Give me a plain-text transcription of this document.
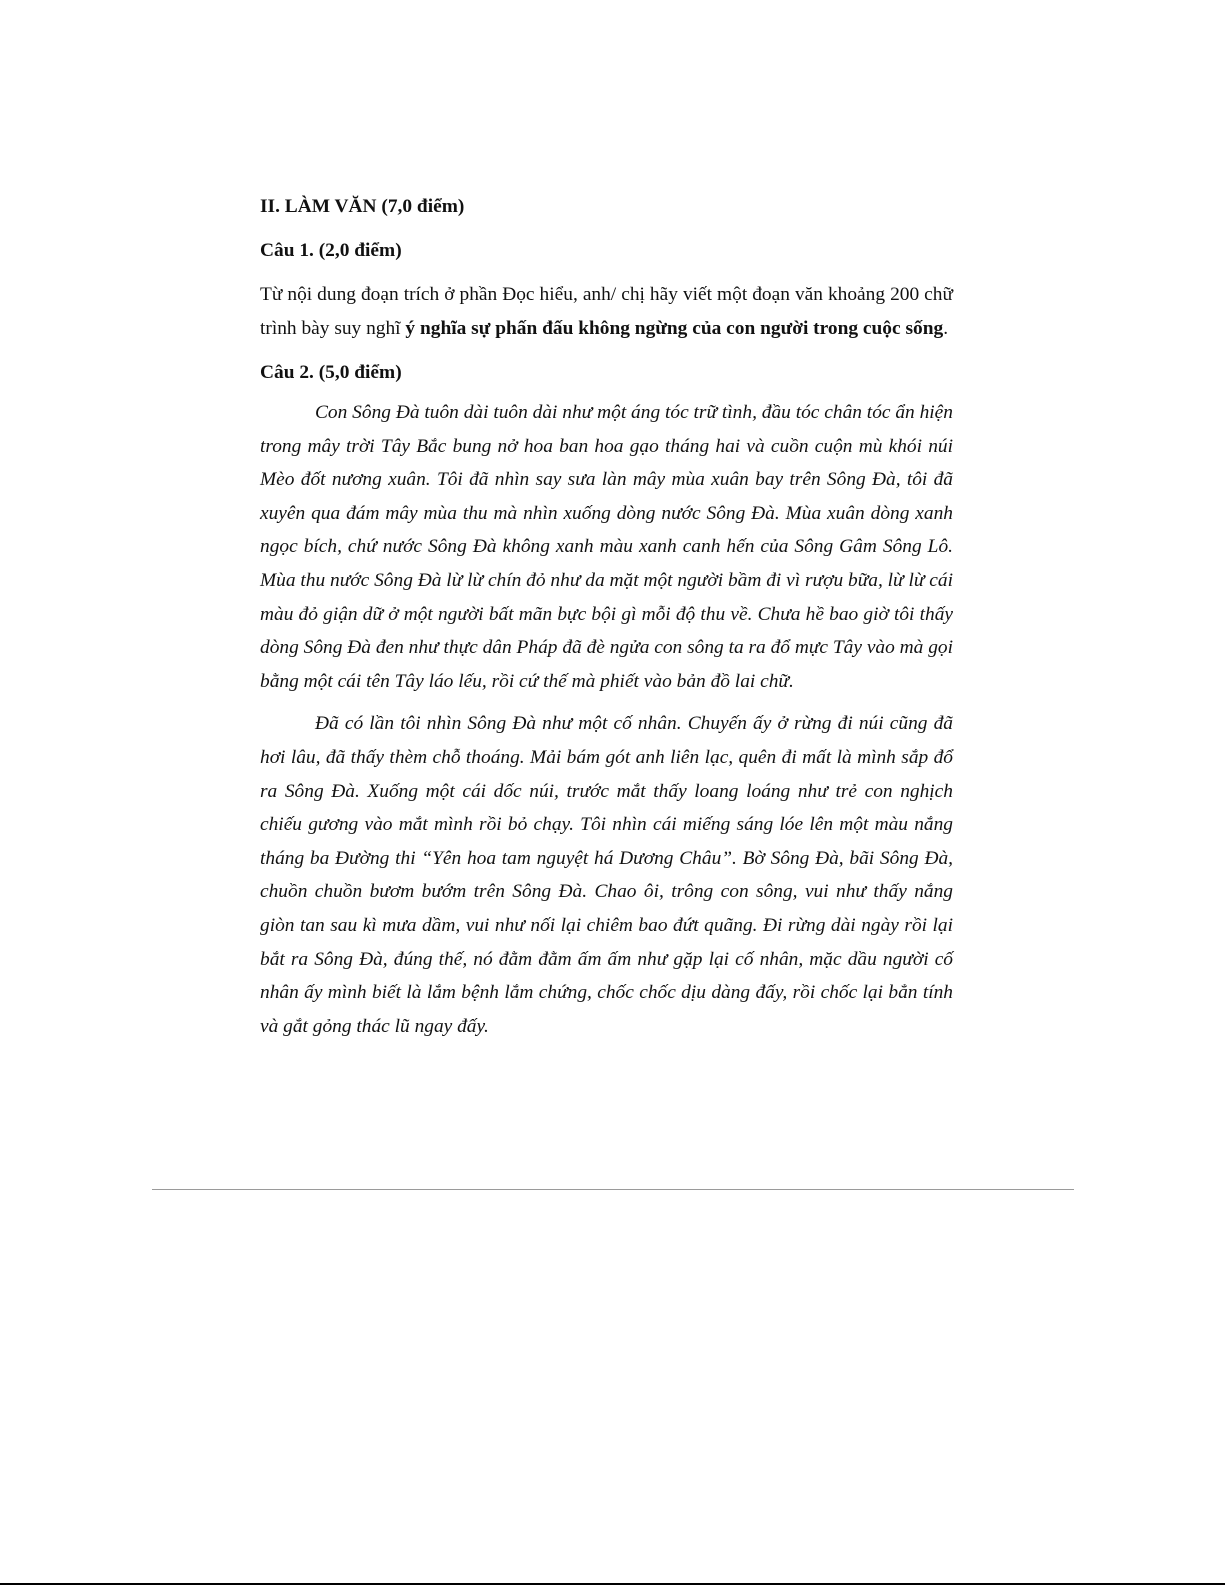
II. LÀM VĂN (7,0 điểm)

Câu 1. (2,0 điểm)

Từ nội dung đoạn trích ở phần Đọc hiểu, anh/ chị hãy viết một đoạn văn khoảng 200 chữ trình bày suy nghĩ ý nghĩa sự phấn đấu không ngừng của con người trong cuộc sống.

Câu 2. (5,0 điểm)

Con Sông Đà tuôn dài tuôn dài như một áng tóc trữ tình, đầu tóc chân tóc ẩn hiện trong mây trời Tây Bắc bung nở hoa ban hoa gạo tháng hai và cuồn cuộn mù khói núi Mèo đốt nương xuân. Tôi đã nhìn say sưa làn mây mùa xuân bay trên Sông Đà, tôi đã xuyên qua đám mây mùa thu mà nhìn xuống dòng nước Sông Đà. Mùa xuân dòng xanh ngọc bích, chứ nước Sông Đà không xanh màu xanh canh hến của Sông Gâm Sông Lô. Mùa thu nước Sông Đà lừ lừ chín đỏ như da mặt một người bầm đi vì rượu bữa, lừ lừ cái màu đỏ giận dữ ở một người bất mãn bực bội gì mỗi độ thu về. Chưa hề bao giờ tôi thấy dòng Sông Đà đen như thực dân Pháp đã đè ngửa con sông ta ra đổ mực Tây vào mà gọi bằng một cái tên Tây láo lếu, rồi cứ thế mà phiết vào bản đồ lai chữ.

Đã có lần tôi nhìn Sông Đà như một cố nhân. Chuyến ấy ở rừng đi núi cũng đã hơi lâu, đã thấy thèm chỗ thoáng. Mải bám gót anh liên lạc, quên đi mất là mình sắp đổ ra Sông Đà. Xuống một cái dốc núi, trước mắt thấy loang loáng như trẻ con nghịch chiếu gương vào mắt mình rồi bỏ chạy. Tôi nhìn cái miếng sáng lóe lên một màu nắng tháng ba Đường thi “Yên hoa tam nguyệt há Dương Châu”. Bờ Sông Đà, bãi Sông Đà, chuồn chuồn bươm bướm trên Sông Đà. Chao ôi, trông con sông, vui như thấy nắng giòn tan sau kì mưa dầm, vui như nối lại chiêm bao đứt quãng. Đi rừng dài ngày rồi lại bắt ra Sông Đà, đúng thế, nó đằm đằm ấm ấm như gặp lại cố nhân, mặc dầu người cố nhân ấy mình biết là lắm bệnh lắm chứng, chốc chốc dịu dàng đấy, rồi chốc lại bẳn tính và gắt gỏng thác lũ ngay đấy.
